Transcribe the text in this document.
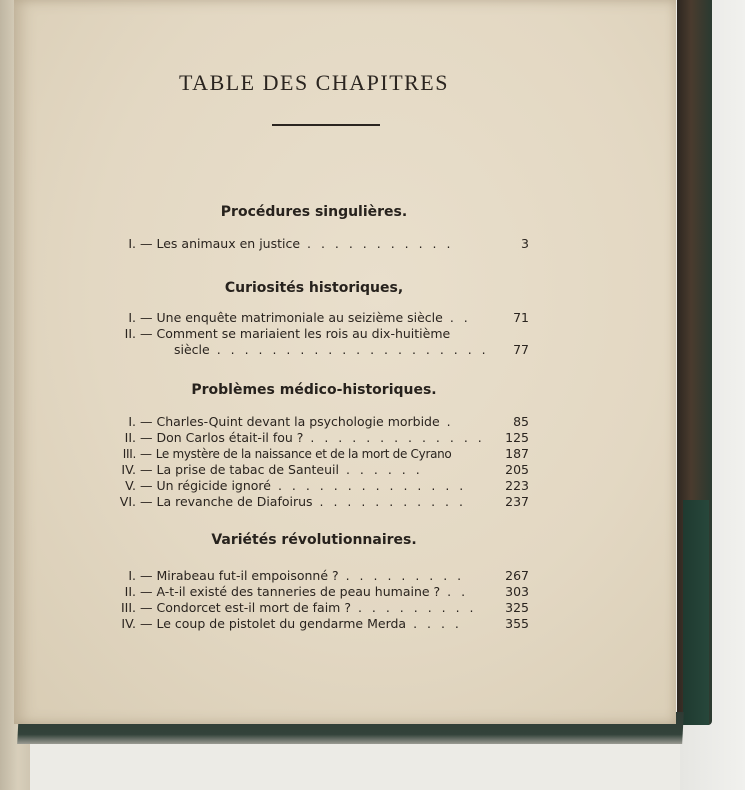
TABLE DES CHAPITRES
Procédures singulières.
I. — Les animaux en justice . . . . . . . . . . .	3
Curiosités historiques,
I. — Une enquête matrimoniale au seizième siècle . .	71
II. — Comment se mariaient les rois au dix-huitième
siècle . . . . . . . . . . . . . . . . . . . .	77
Problèmes médico-historiques.
I. — Charles-Quint devant la psychologie morbide .	85
II. — Don Carlos était-il fou ? . . . . . . . . . . . . .	125
III. — Le mystère de la naissance et de la mort de Cyrano	187
IV. — La prise de tabac de Santeuil . . . . . .	205
V. — Un régicide ignoré . . . . . . . . . . . . . .	223
VI. — La revanche de Diafoirus . . . . . . . . . . .	237
Variétés révolutionnaires.
I. — Mirabeau fut-il empoisonné ? . . . . . . . . .	267
II. — A-t-il existé des tanneries de peau humaine ? . .	303
III. — Condorcet est-il mort de faim ? . . . . . . . . .	325
IV. — Le coup de pistolet du gendarme Merda . . . .	355
